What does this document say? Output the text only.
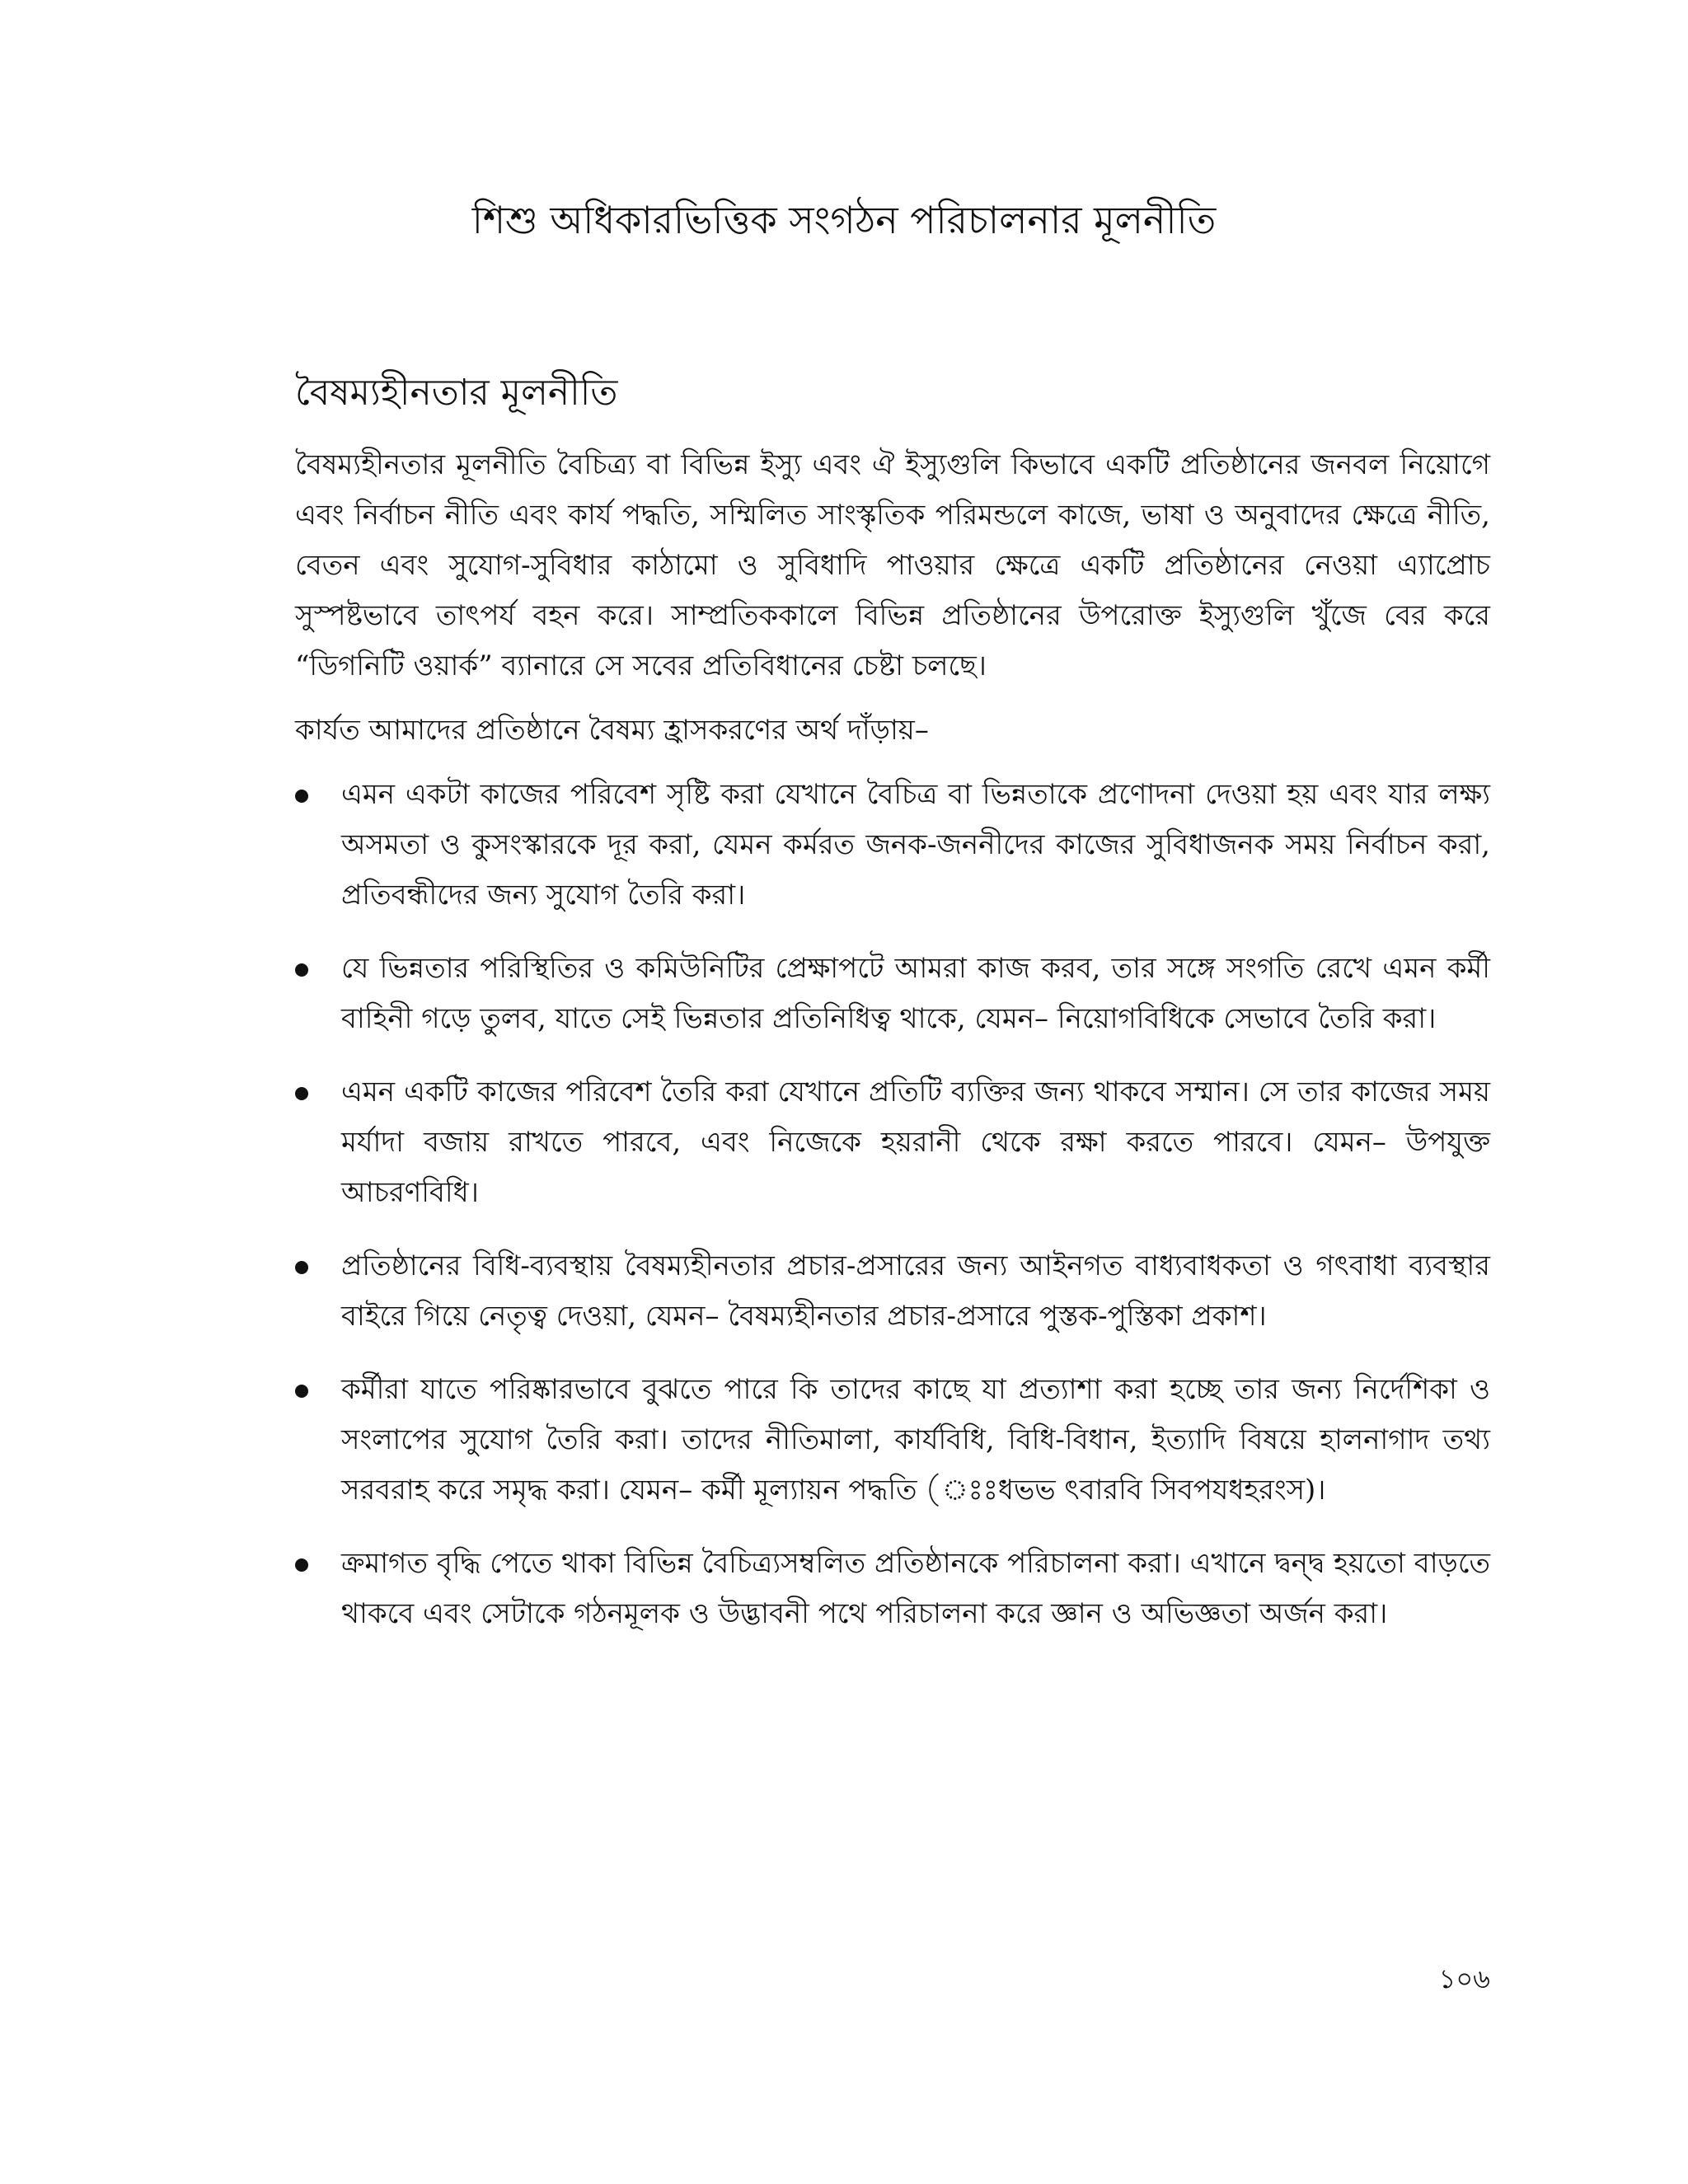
শিশু অধিকারভিত্তিক সংগঠন পরিচালনার মূলনীতি
বৈষম্যহীনতার মূলনীতি

বৈষম্যহীনতার মূলনীতি বৈচিত্র্য বা বিভিন্ন ইস্যু এবং ঐ ইস্যুগুলি কিভাবে একটি প্রতিষ্ঠানের জনবল নিয়োগে এবং নির্বাচন নীতি এবং কার্য পদ্ধতি, সম্মিলিত সাংস্কৃতিক পরিমন্ডলে কাজে, ভাষা ও অনুবাদের ক্ষেত্রে নীতি, বেতন এবং সুযোগ-সুবিধার কাঠামো ও সুবিধাদি পাওয়ার ক্ষেত্রে একটি প্রতিষ্ঠানের নেওয়া এ্যাপ্রোচ সুস্পষ্টভাবে তাৎপর্য বহন করে। সাম্প্রতিককালে বিভিন্ন প্রতিষ্ঠানের উপরোক্ত ইস্যুগুলি খুঁজে বের করে “ডিগনিটি ওয়ার্ক” ব্যানারে সে সবের প্রতিবিধানের চেষ্টা চলছে।

কার্যত আমাদের প্রতিষ্ঠানে বৈষম্য হ্রাসকরণের অর্থ দাঁড়ায়–

এমন একটা কাজের পরিবেশ সৃষ্টি করা যেখানে বৈচিত্র বা ভিন্নতাকে প্রণোদনা দেওয়া হয় এবং যার লক্ষ্য অসমতা ও কুসংস্কারকে দূর করা, যেমন কর্মরত জনক-জননীদের কাজের সুবিধাজনক সময় নির্বাচন করা, প্রতিবন্ধীদের জন্য সুযোগ তৈরি করা।
যে ভিন্নতার পরিস্থিতির ও কমিউনিটির প্রেক্ষাপটে আমরা কাজ করব, তার সঙ্গে সংগতি রেখে এমন কর্মী বাহিনী গড়ে তুলব, যাতে সেই ভিন্নতার প্রতিনিধিত্ব থাকে, যেমন– নিয়োগবিধিকে সেভাবে তৈরি করা।
এমন একটি কাজের পরিবেশ তৈরি করা যেখানে প্রতিটি ব্যক্তির জন্য থাকবে সম্মান। সে তার কাজের সময় মর্যাদা বজায় রাখতে পারবে, এবং নিজেকে হয়রানী থেকে রক্ষা করতে পারবে। যেমন– উপযুক্ত আচরণবিধি।
প্রতিষ্ঠানের বিধি-ব্যবস্থায় বৈষম্যহীনতার প্রচার-প্রসারের জন্য আইনগত বাধ্যবাধকতা ও গৎবাধা ব্যবস্থার বাইরে গিয়ে নেতৃত্ব দেওয়া, যেমন– বৈষম্যহীনতার প্রচার-প্রসারে পুস্তক-পুস্তিকা প্রকাশ।
কর্মীরা যাতে পরিষ্কারভাবে বুঝতে পারে কি তাদের কাছে যা প্রত্যাশা করা হচ্ছে তার জন্য নির্দেশিকা ও সংলাপের সুযোগ তৈরি করা। তাদের নীতিমালা, কার্যবিধি, বিধি-বিধান, ইত্যাদি বিষয়ে হালনাগাদ তথ্য সরবরাহ করে সমৃদ্ধ করা। যেমন– কর্মী মূল্যায়ন পদ্ধতি (ঃঃধভভ ৎবারবি সিবপযধহরংস)।
ক্রমাগত বৃদ্ধি পেতে থাকা বিভিন্ন বৈচিত্র্যসম্বলিত প্রতিষ্ঠানকে পরিচালনা করা। এখানে দ্বন্দ্ব হয়তো বাড়তে থাকবে এবং সেটাকে গঠনমূলক ও উদ্ভাবনী পথে পরিচালনা করে জ্ঞান ও অভিজ্ঞতা অর্জন করা।
১০৬
